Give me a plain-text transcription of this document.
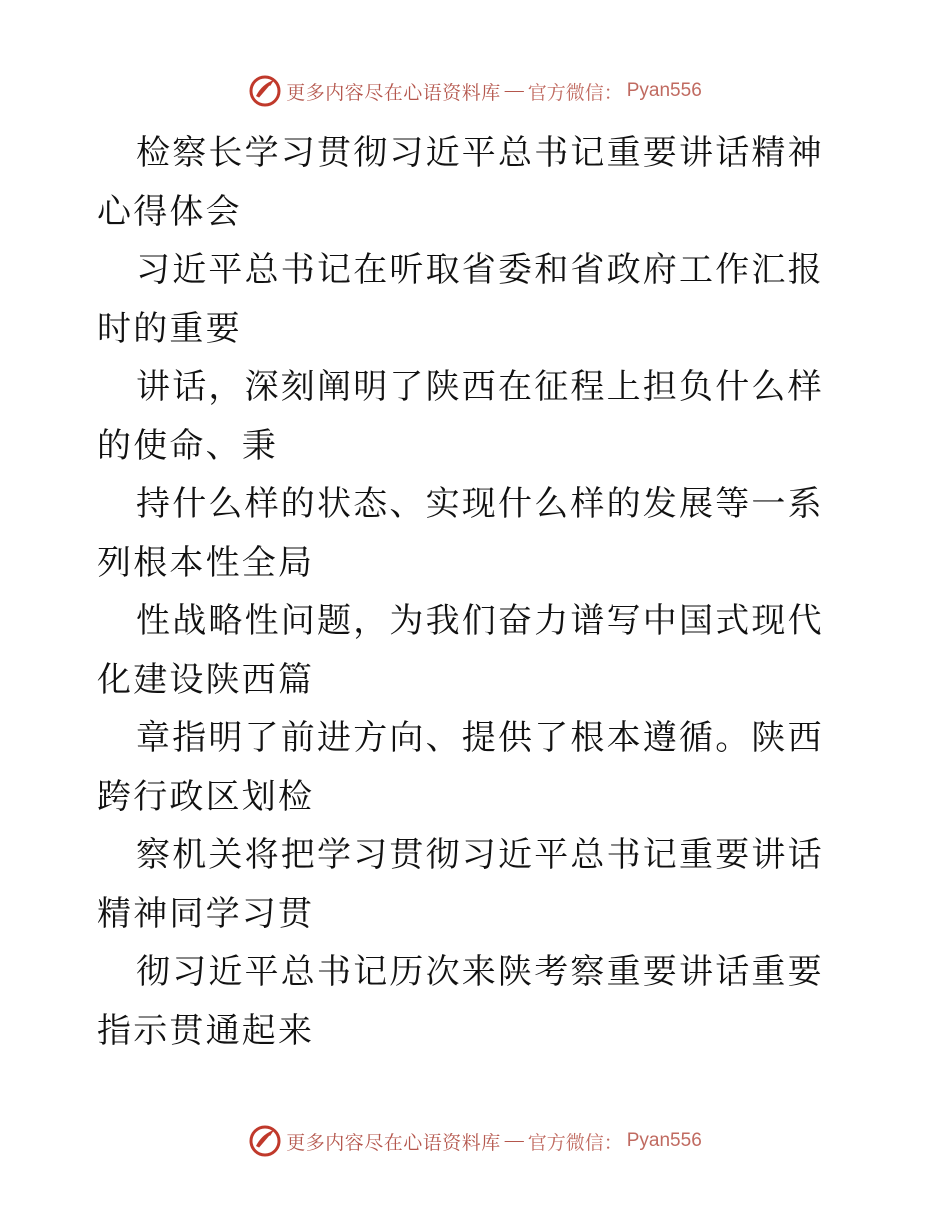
更多内容尽在心语资料库 — 官方微信： Pyan556

检察长学习贯彻习近平总书记重要讲话精神心得体会

习近平总书记在听取省委和省政府工作汇报时的重要

讲话，深刻阐明了陕西在征程上担负什么样的使命、秉

持什么样的状态、实现什么样的发展等一系列根本性全局

性战略性问题，为我们奋力谱写中国式现代化建设陕西篇

章指明了前进方向、提供了根本遵循。陕西跨行政区划检

察机关将把学习贯彻习近平总书记重要讲话精神同学习贯

彻习近平总书记历次来陕考察重要讲话重要指示贯通起来

更多内容尽在心语资料库 — 官方微信： Pyan556
